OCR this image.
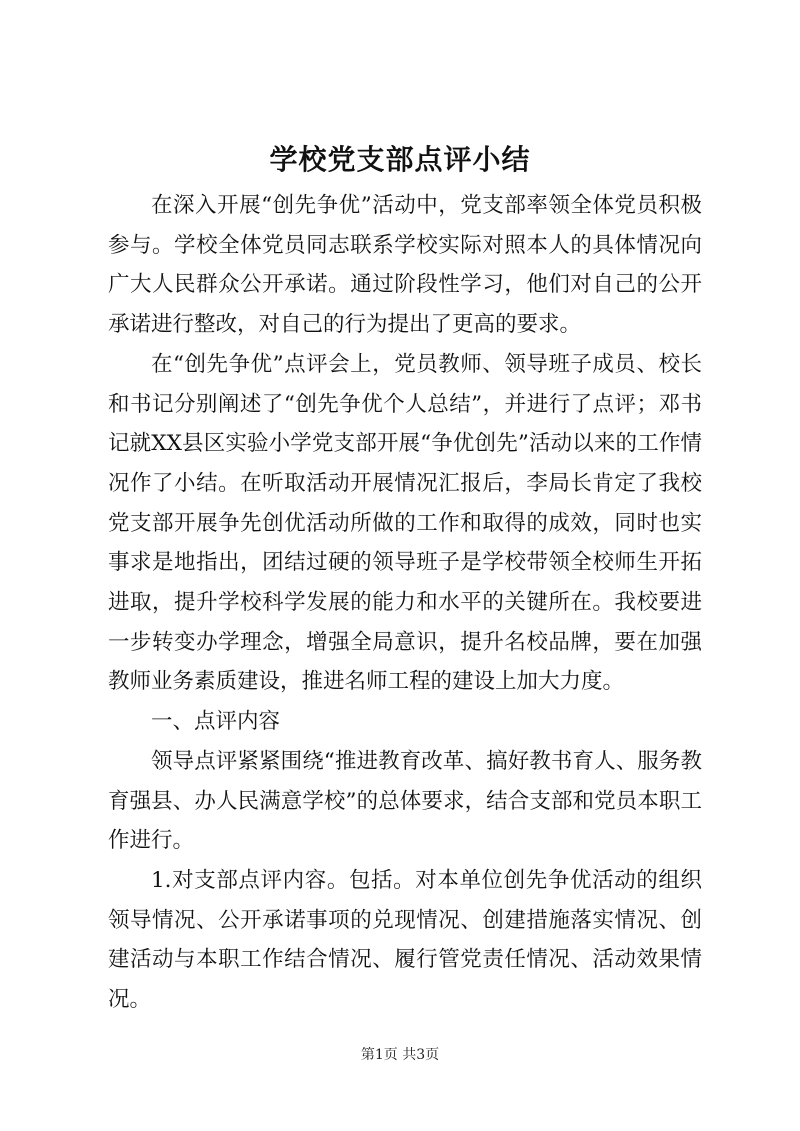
学校党支部点评小结

在深入开展“创先争优”活动中，党支部率领全体党员积极参与。学校全体党员同志联系学校实际对照本人的具体情况向广大人民群众公开承诺。通过阶段性学习，他们对自己的公开承诺进行整改，对自己的行为提出了更高的要求。

在“创先争优”点评会上，党员教师、领导班子成员、校长和书记分别阐述了“创先争优个人总结”，并进行了点评；邓书记就XX县区实验小学党支部开展“争优创先”活动以来的工作情况作了小结。在听取活动开展情况汇报后，李局长肯定了我校党支部开展争先创优活动所做的工作和取得的成效，同时也实事求是地指出，团结过硬的领导班子是学校带领全校师生开拓进取，提升学校科学发展的能力和水平的关键所在。我校要进一步转变办学理念，增强全局意识，提升名校品牌，要在加强教师业务素质建设，推进名师工程的建设上加大力度。

一、点评内容

领导点评紧紧围绕“推进教育改革、搞好教书育人、服务教育强县、办人民满意学校”的总体要求，结合支部和党员本职工作进行。

1.对支部点评内容。包括。对本单位创先争优活动的组织领导情况、公开承诺事项的兑现情况、创建措施落实情况、创建活动与本职工作结合情况、履行管党责任情况、活动效果情况。

第1页 共3页
